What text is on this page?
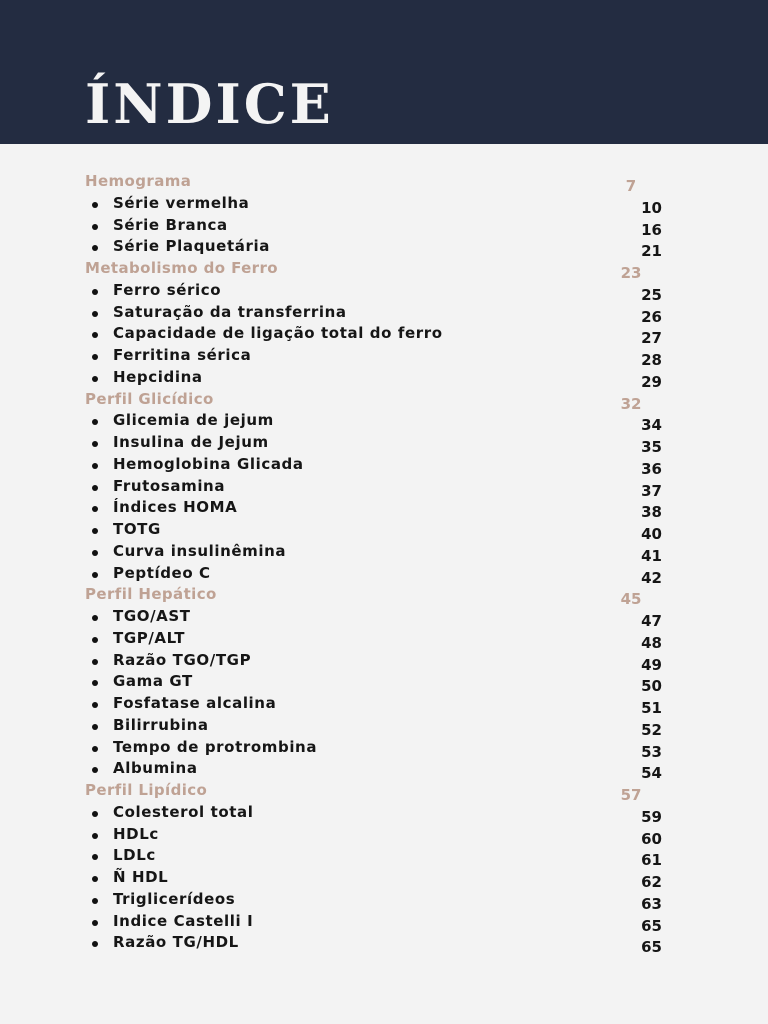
ÍNDICE
Hemograma	7
Série vermelha	10
Série Branca	16
Série Plaquetária	21
Metabolismo do Ferro	23
Ferro sérico	25
Saturação da transferrina	26
Capacidade de ligação total do ferro	27
Ferritina sérica	28
Hepcidina	29
Perfil Glicídico	32
Glicemia de jejum	34
Insulina de Jejum	35
Hemoglobina Glicada	36
Frutosamina	37
Índices HOMA	38
TOTG	40
Curva insulinêmina	41
Peptídeo C	42
Perfil Hepático	45
TGO/AST	47
TGP/ALT	48
Razão TGO/TGP	49
Gama GT	50
Fosfatase alcalina	51
Bilirrubina	52
Tempo de protrombina	53
Albumina	54
Perfil Lipídico	57
Colesterol total	59
HDLc	60
LDLc	61
Ñ HDL	62
Triglicerídeos	63
Indice Castelli I	65
Razão TG/HDL	65
